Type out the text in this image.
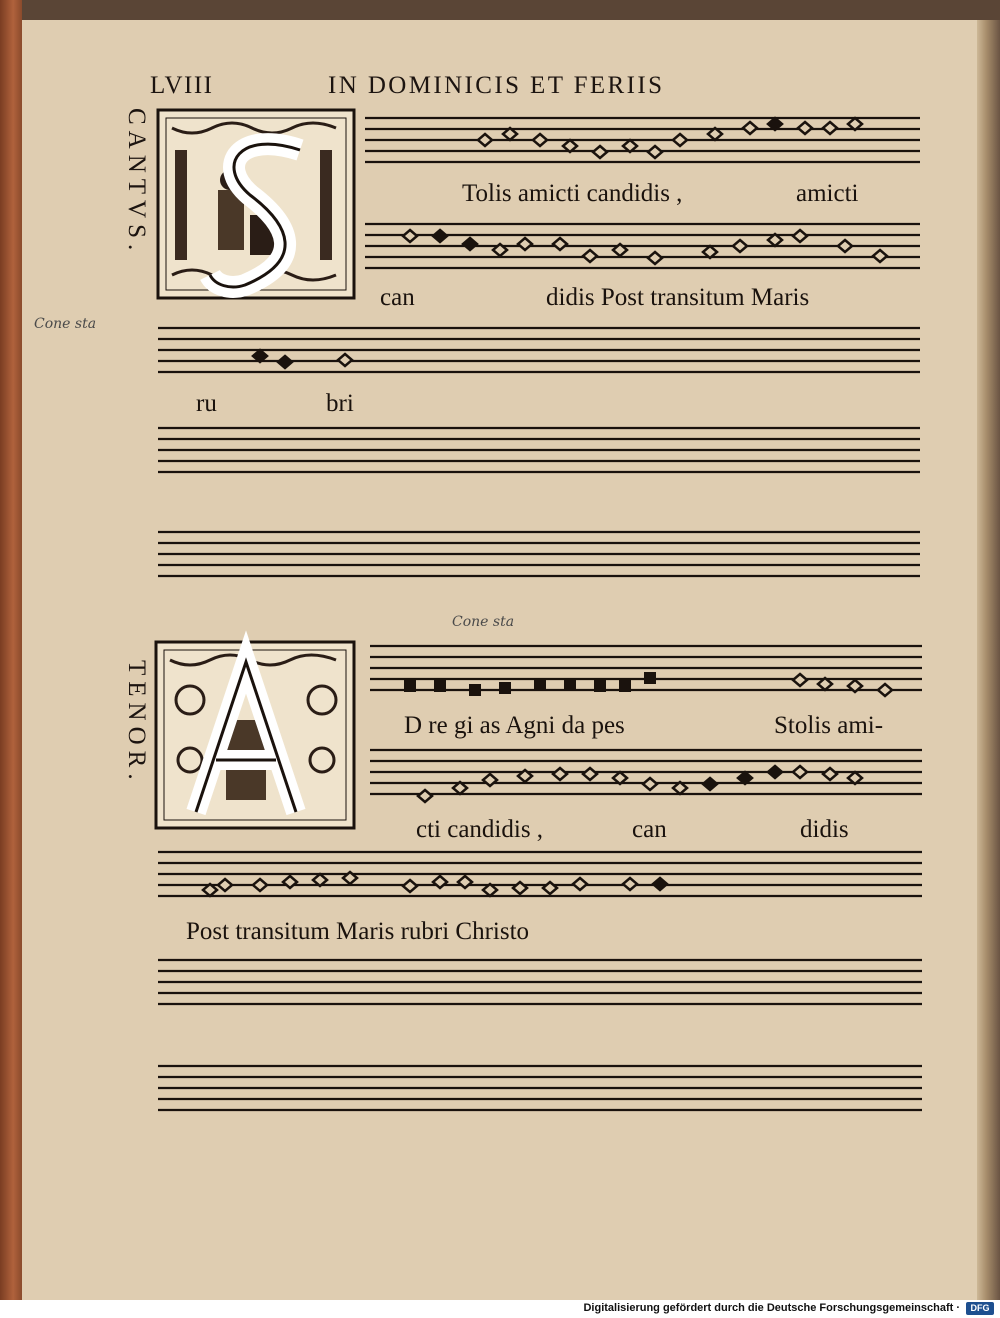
LVIII	IN DOMINICIS ET FERIIS
CANTVS.
TENOR.
Tolis amicti candidis ,	amicti
can	didis Post transitum Maris
ru	bri
D re gi as Agni da pes	Stolis ami-
cti candidis ,	can	didis
Post transitum Maris rubri Christo
Cone sta
Cone sta
Digitalisierung gefördert durch die Deutsche Forschungsgemeinschaft ·	DFG
